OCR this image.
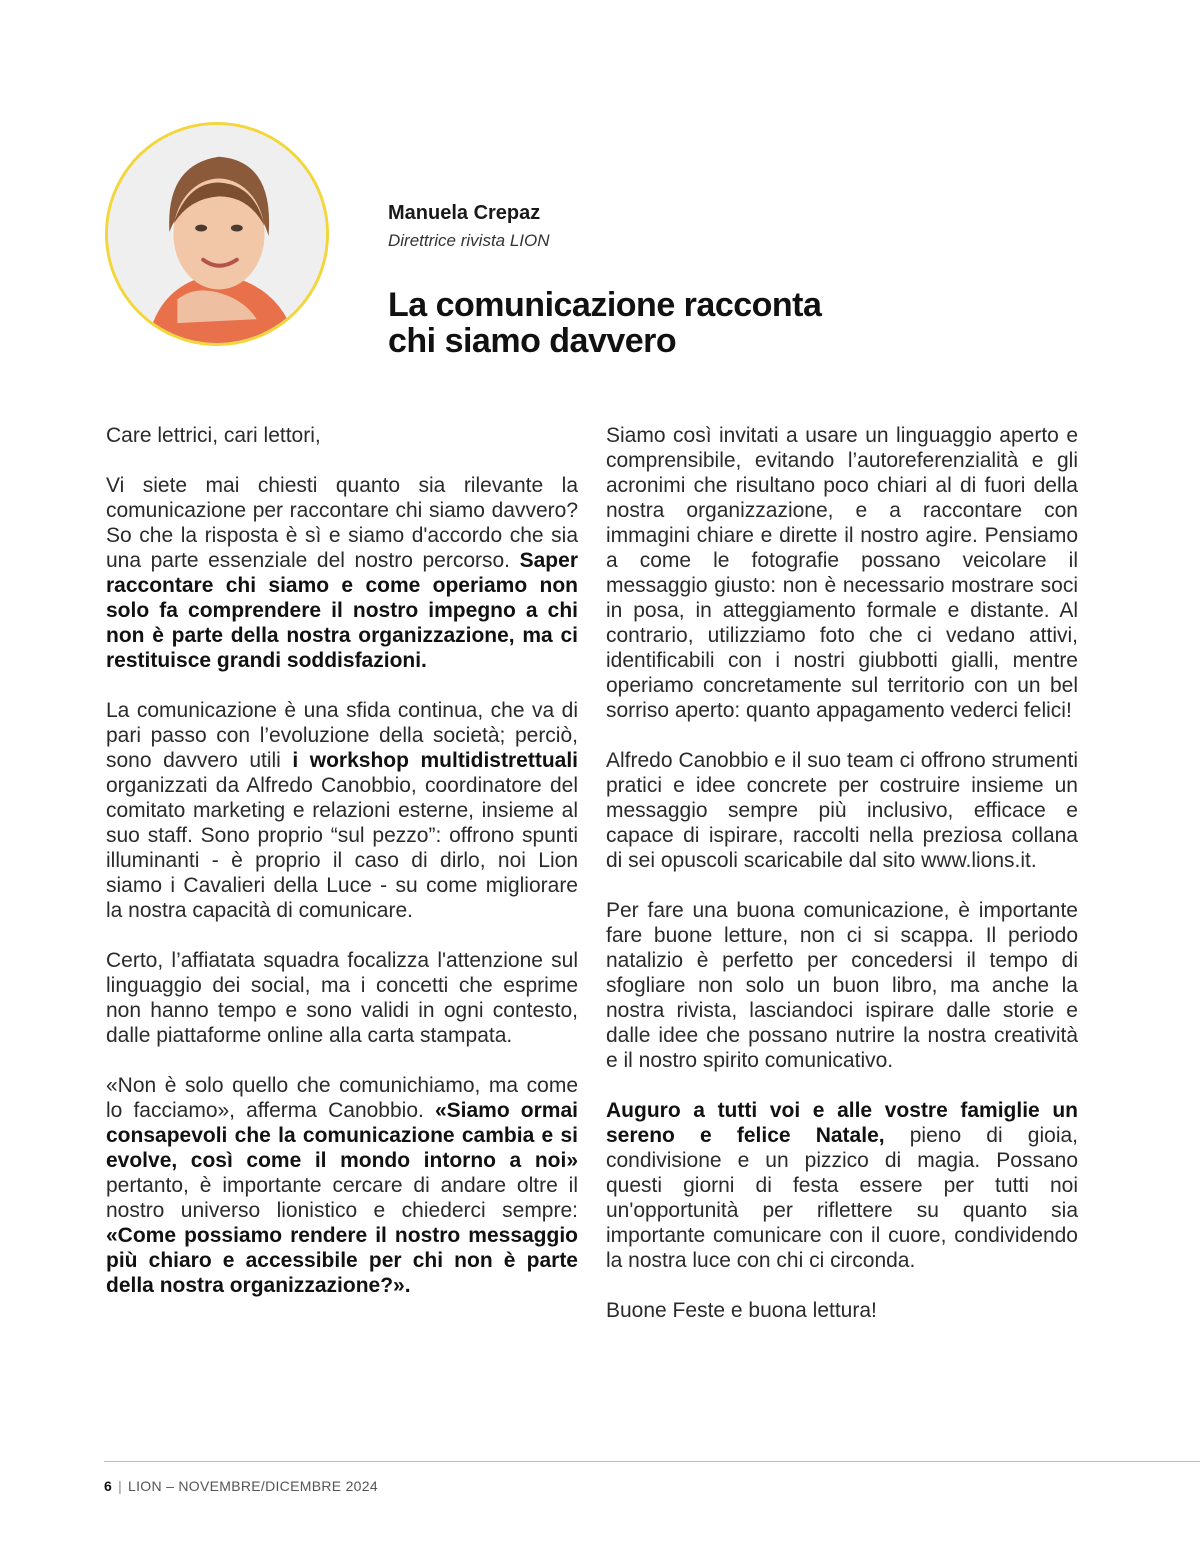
Manuela Crepaz
Direttrice rivista LION
La comunicazione racconta
chi siamo davvero

Care lettrici, cari lettori,

Vi siete mai chiesti quanto sia rilevante la comunicazione per raccontare chi siamo davvero? So che la risposta è sì e siamo d'accordo che sia una parte essenziale del nostro percorso. Saper raccontare chi siamo e come operiamo non solo fa comprendere il nostro impegno a chi non è parte della nostra organizzazione, ma ci restituisce grandi soddisfazioni.

La comunicazione è una sfida continua, che va di pari passo con l’evoluzione della società; perciò, sono davvero utili i workshop multidistrettuali organizzati da Alfredo Canobbio, coordinatore del comitato marketing e relazioni esterne, insieme al suo staff. Sono proprio “sul pezzo”: offrono spunti illuminanti - è proprio il caso di dirlo, noi Lion siamo i Cavalieri della Luce - su come migliorare la nostra capacità di comunicare.

Certo, l’affiatata squadra focalizza l'attenzione sul linguaggio dei social, ma i concetti che esprime non hanno tempo e sono validi in ogni contesto, dalle piattaforme online alla carta stampata.

«Non è solo quello che comunichiamo, ma come lo facciamo», afferma Canobbio. «Siamo ormai consapevoli che la comunicazione cambia e si evolve, così come il mondo intorno a noi» pertanto, è importante cercare di andare oltre il nostro universo lionistico e chiederci sempre: «Come possiamo rendere il nostro messaggio più chiaro e accessibile per chi non è parte della nostra organizzazione?».

Siamo così invitati a usare un linguaggio aperto e comprensibile, evitando l’autoreferenzialità e gli acronimi che risultano poco chiari al di fuori della nostra organizzazione, e a raccontare con immagini chiare e dirette il nostro agire. Pensiamo a come le fotografie possano veicolare il messaggio giusto: non è necessario mostrare soci in posa, in atteggiamento formale e distante. Al contrario, utilizziamo foto che ci vedano attivi, identificabili con i nostri giubbotti gialli, mentre operiamo concretamente sul territorio con un bel sorriso aperto: quanto appagamento vederci felici!

Alfredo Canobbio e il suo team ci offrono strumenti pratici e idee concrete per costruire insieme un messaggio sempre più inclusivo, efficace e capace di ispirare, raccolti nella preziosa collana di sei opuscoli scaricabile dal sito www.lions.it.

Per fare una buona comunicazione, è importante fare buone letture, non ci si scappa. Il periodo natalizio è perfetto per concedersi il tempo di sfogliare non solo un buon libro, ma anche la nostra rivista, lasciandoci ispirare dalle storie e dalle idee che possano nutrire la nostra creatività e il nostro spirito comunicativo.

Auguro a tutti voi e alle vostre famiglie un sereno e felice Natale, pieno di gioia, condivisione e un pizzico di magia. Possano questi giorni di festa essere per tutti noi un'opportunità per riflettere su quanto sia importante comunicare con il cuore, condividendo la nostra luce con chi ci circonda.

Buone Feste e buona lettura!

6 | LION – NOVEMBRE/DICEMBRE 2024
